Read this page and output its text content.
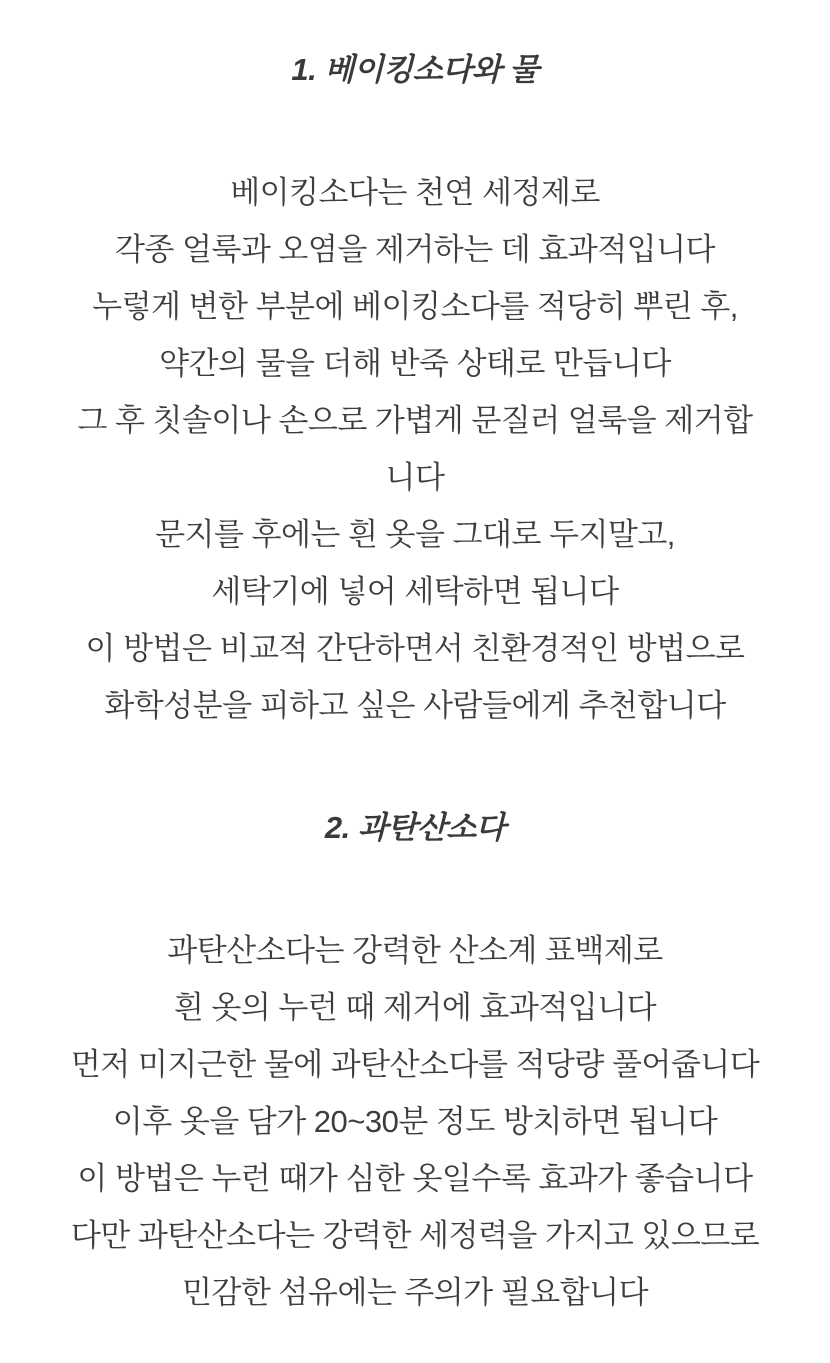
1. 베이킹소다와 물
베이킹소다는 천연 세정제로
각종 얼룩과 오염을 제거하는 데 효과적입니다
누렇게 변한 부분에 베이킹소다를 적당히 뿌린 후,
약간의 물을 더해 반죽 상태로 만듭니다
그 후 칫솔이나 손으로 가볍게 문질러 얼룩을 제거합
니다
문지를 후에는 흰 옷을 그대로 두지말고,
세탁기에 넣어 세탁하면 됩니다
이 방법은 비교적 간단하면서 친환경적인 방법으로
화학성분을 피하고 싶은 사람들에게 추천합니다
2. 과탄산소다
과탄산소다는 강력한 산소계 표백제로
흰 옷의 누런 때 제거에 효과적입니다
먼저 미지근한 물에 과탄산소다를 적당량 풀어줍니다
이후 옷을 담가 20~30분 정도 방치하면 됩니다
이 방법은 누런 때가 심한 옷일수록 효과가 좋습니다
다만 과탄산소다는 강력한 세정력을 가지고 있으므로
민감한 섬유에는 주의가 필요합니다
